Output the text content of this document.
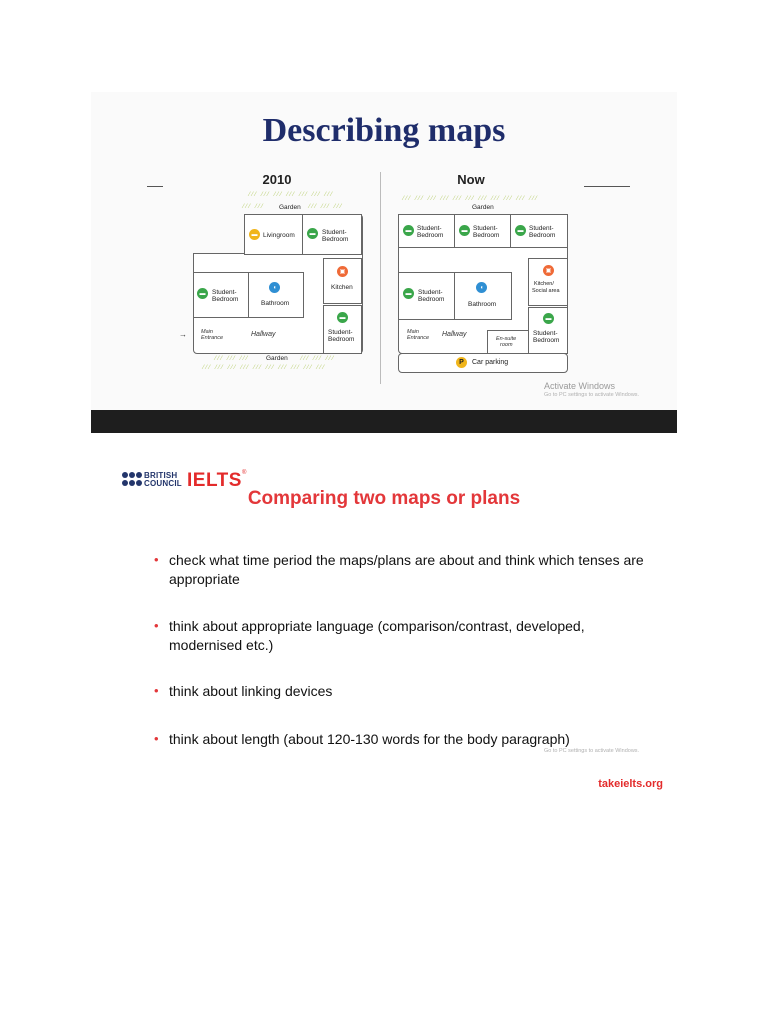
Describing maps
2010
⁄⁄⁄ ⁄⁄⁄ ⁄⁄⁄ ⁄⁄⁄ ⁄⁄⁄ ⁄⁄⁄ ⁄⁄⁄
Garden
⁄⁄⁄ ⁄⁄⁄	⁄⁄⁄ ⁄⁄⁄ ⁄⁄⁄
▬ Livingroom	▬	Student-
Bedroom
▬	Student-
Bedroom
◖
Bathroom
▣
Kitchen
▬
Student-
Bedroom
→	Main
Entrance	Hallway
⁄⁄⁄ ⁄⁄⁄ ⁄⁄⁄	Garden ⁄⁄⁄ ⁄⁄⁄ ⁄⁄⁄
⁄⁄⁄ ⁄⁄⁄ ⁄⁄⁄ ⁄⁄⁄ ⁄⁄⁄ ⁄⁄⁄ ⁄⁄⁄ ⁄⁄⁄ ⁄⁄⁄ ⁄⁄⁄
Now
⁄⁄⁄ ⁄⁄⁄ ⁄⁄⁄ ⁄⁄⁄ ⁄⁄⁄ ⁄⁄⁄ ⁄⁄⁄ ⁄⁄⁄ ⁄⁄⁄ ⁄⁄⁄ ⁄⁄⁄
Garden
▬ Student-
Bedroom
▬ Student-
Bedroom
▬ Student-
Bedroom
▬	Student-
Bedroom
◖
Bathroom
▣
Kitchen/
Social area
En-suite
room
▬
Student-
Bedroom
Main
Entrance Hallway
P	Car parking
Activate Windows
Go to PC settings to activate Windows.
BRITISH
COUNCIL IELTS®
Comparing two maps or plans
• check what time period the maps/plans are about and think which tenses are appropriate
• think about appropriate language (comparison/contrast, developed, modernised etc.)
• think about linking devices
• think about length (about 120-130 words for the body paragraph)
Go to PC settings to activate Windows.
takeielts.org
